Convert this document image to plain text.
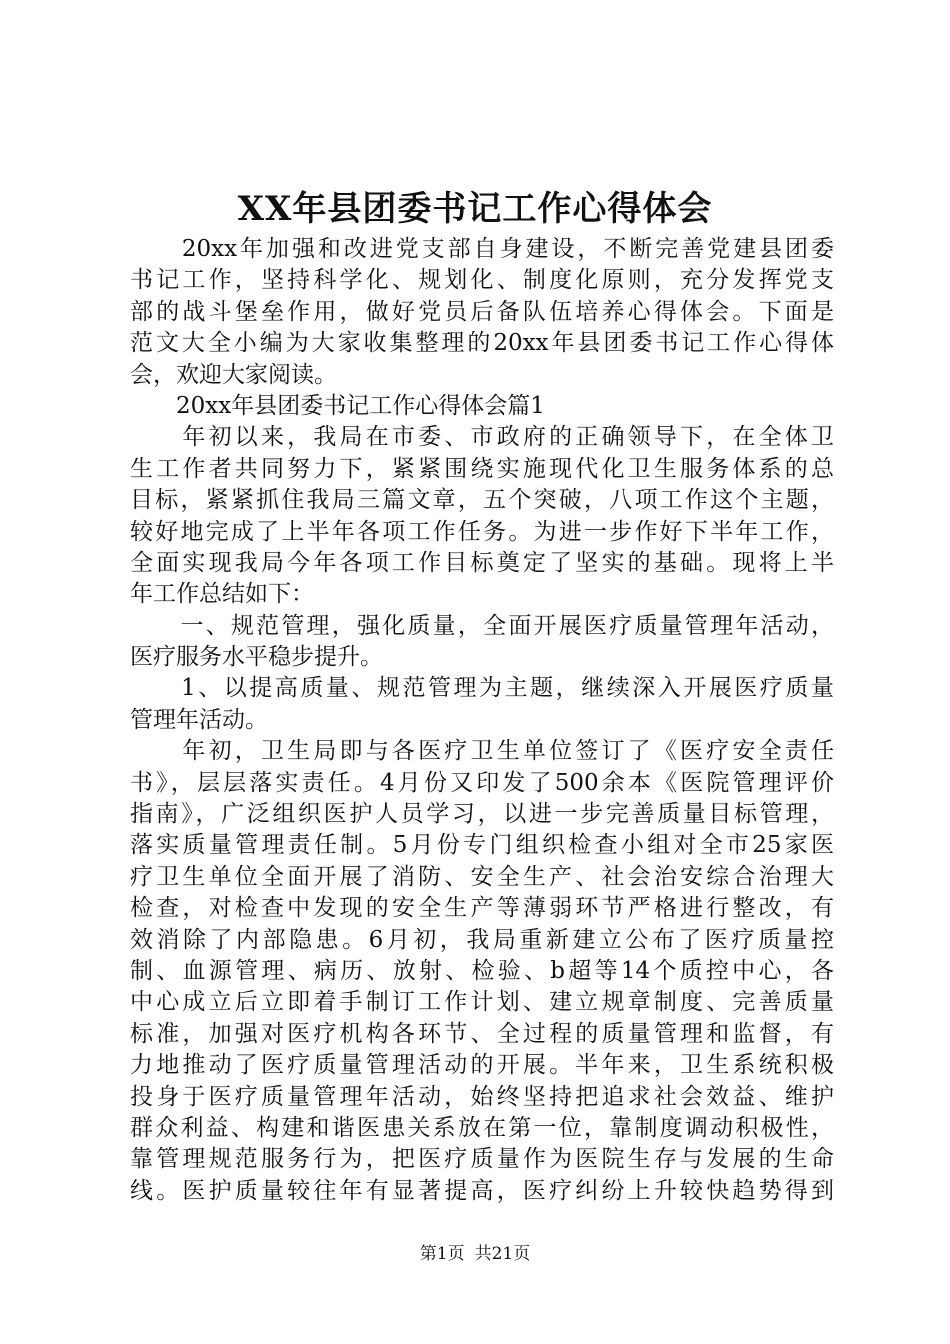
XX年县团委书记工作心得体会
　　20xx年加强和改进党支部自身建设，不断完善党建县团委
书记工作，坚持科学化、规划化、制度化原则，充分发挥党支
部的战斗堡垒作用，做好党员后备队伍培养心得体会。下面是
范文大全小编为大家收集整理的20xx年县团委书记工作心得体
会，欢迎大家阅读。
　　20xx年县团委书记工作心得体会篇1
　　年初以来，我局在市委、市政府的正确领导下，在全体卫
生工作者共同努力下，紧紧围绕实施现代化卫生服务体系的总
目标，紧紧抓住我局三篇文章，五个突破，八项工作这个主题，
较好地完成了上半年各项工作任务。为进一步作好下半年工作，
全面实现我局今年各项工作目标奠定了坚实的基础。现将上半
年工作总结如下：
　　一、规范管理，强化质量，全面开展医疗质量管理年活动，
医疗服务水平稳步提升。
　　1、以提高质量、规范管理为主题，继续深入开展医疗质量
管理年活动。
　　年初，卫生局即与各医疗卫生单位签订了《医疗安全责任
书》，层层落实责任。4月份又印发了500余本《医院管理评价
指南》，广泛组织医护人员学习，以进一步完善质量目标管理，
落实质量管理责任制。5月份专门组织检查小组对全市25家医
疗卫生单位全面开展了消防、安全生产、社会治安综合治理大
检查，对检查中发现的安全生产等薄弱环节严格进行整改，有
效消除了内部隐患。6月初，我局重新建立公布了医疗质量控
制、血源管理、病历、放射、检验、b超等14个质控中心，各
中心成立后立即着手制订工作计划、建立规章制度、完善质量
标准，加强对医疗机构各环节、全过程的质量管理和监督，有
力地推动了医疗质量管理活动的开展。半年来，卫生系统积极
投身于医疗质量管理年活动，始终坚持把追求社会效益、维护
群众利益、构建和谐医患关系放在第一位，靠制度调动积极性，
靠管理规范服务行为，把医疗质量作为医院生存与发展的生命
线。医护质量较往年有显著提高，医疗纠纷上升较快趋势得到
第1页 共21页
